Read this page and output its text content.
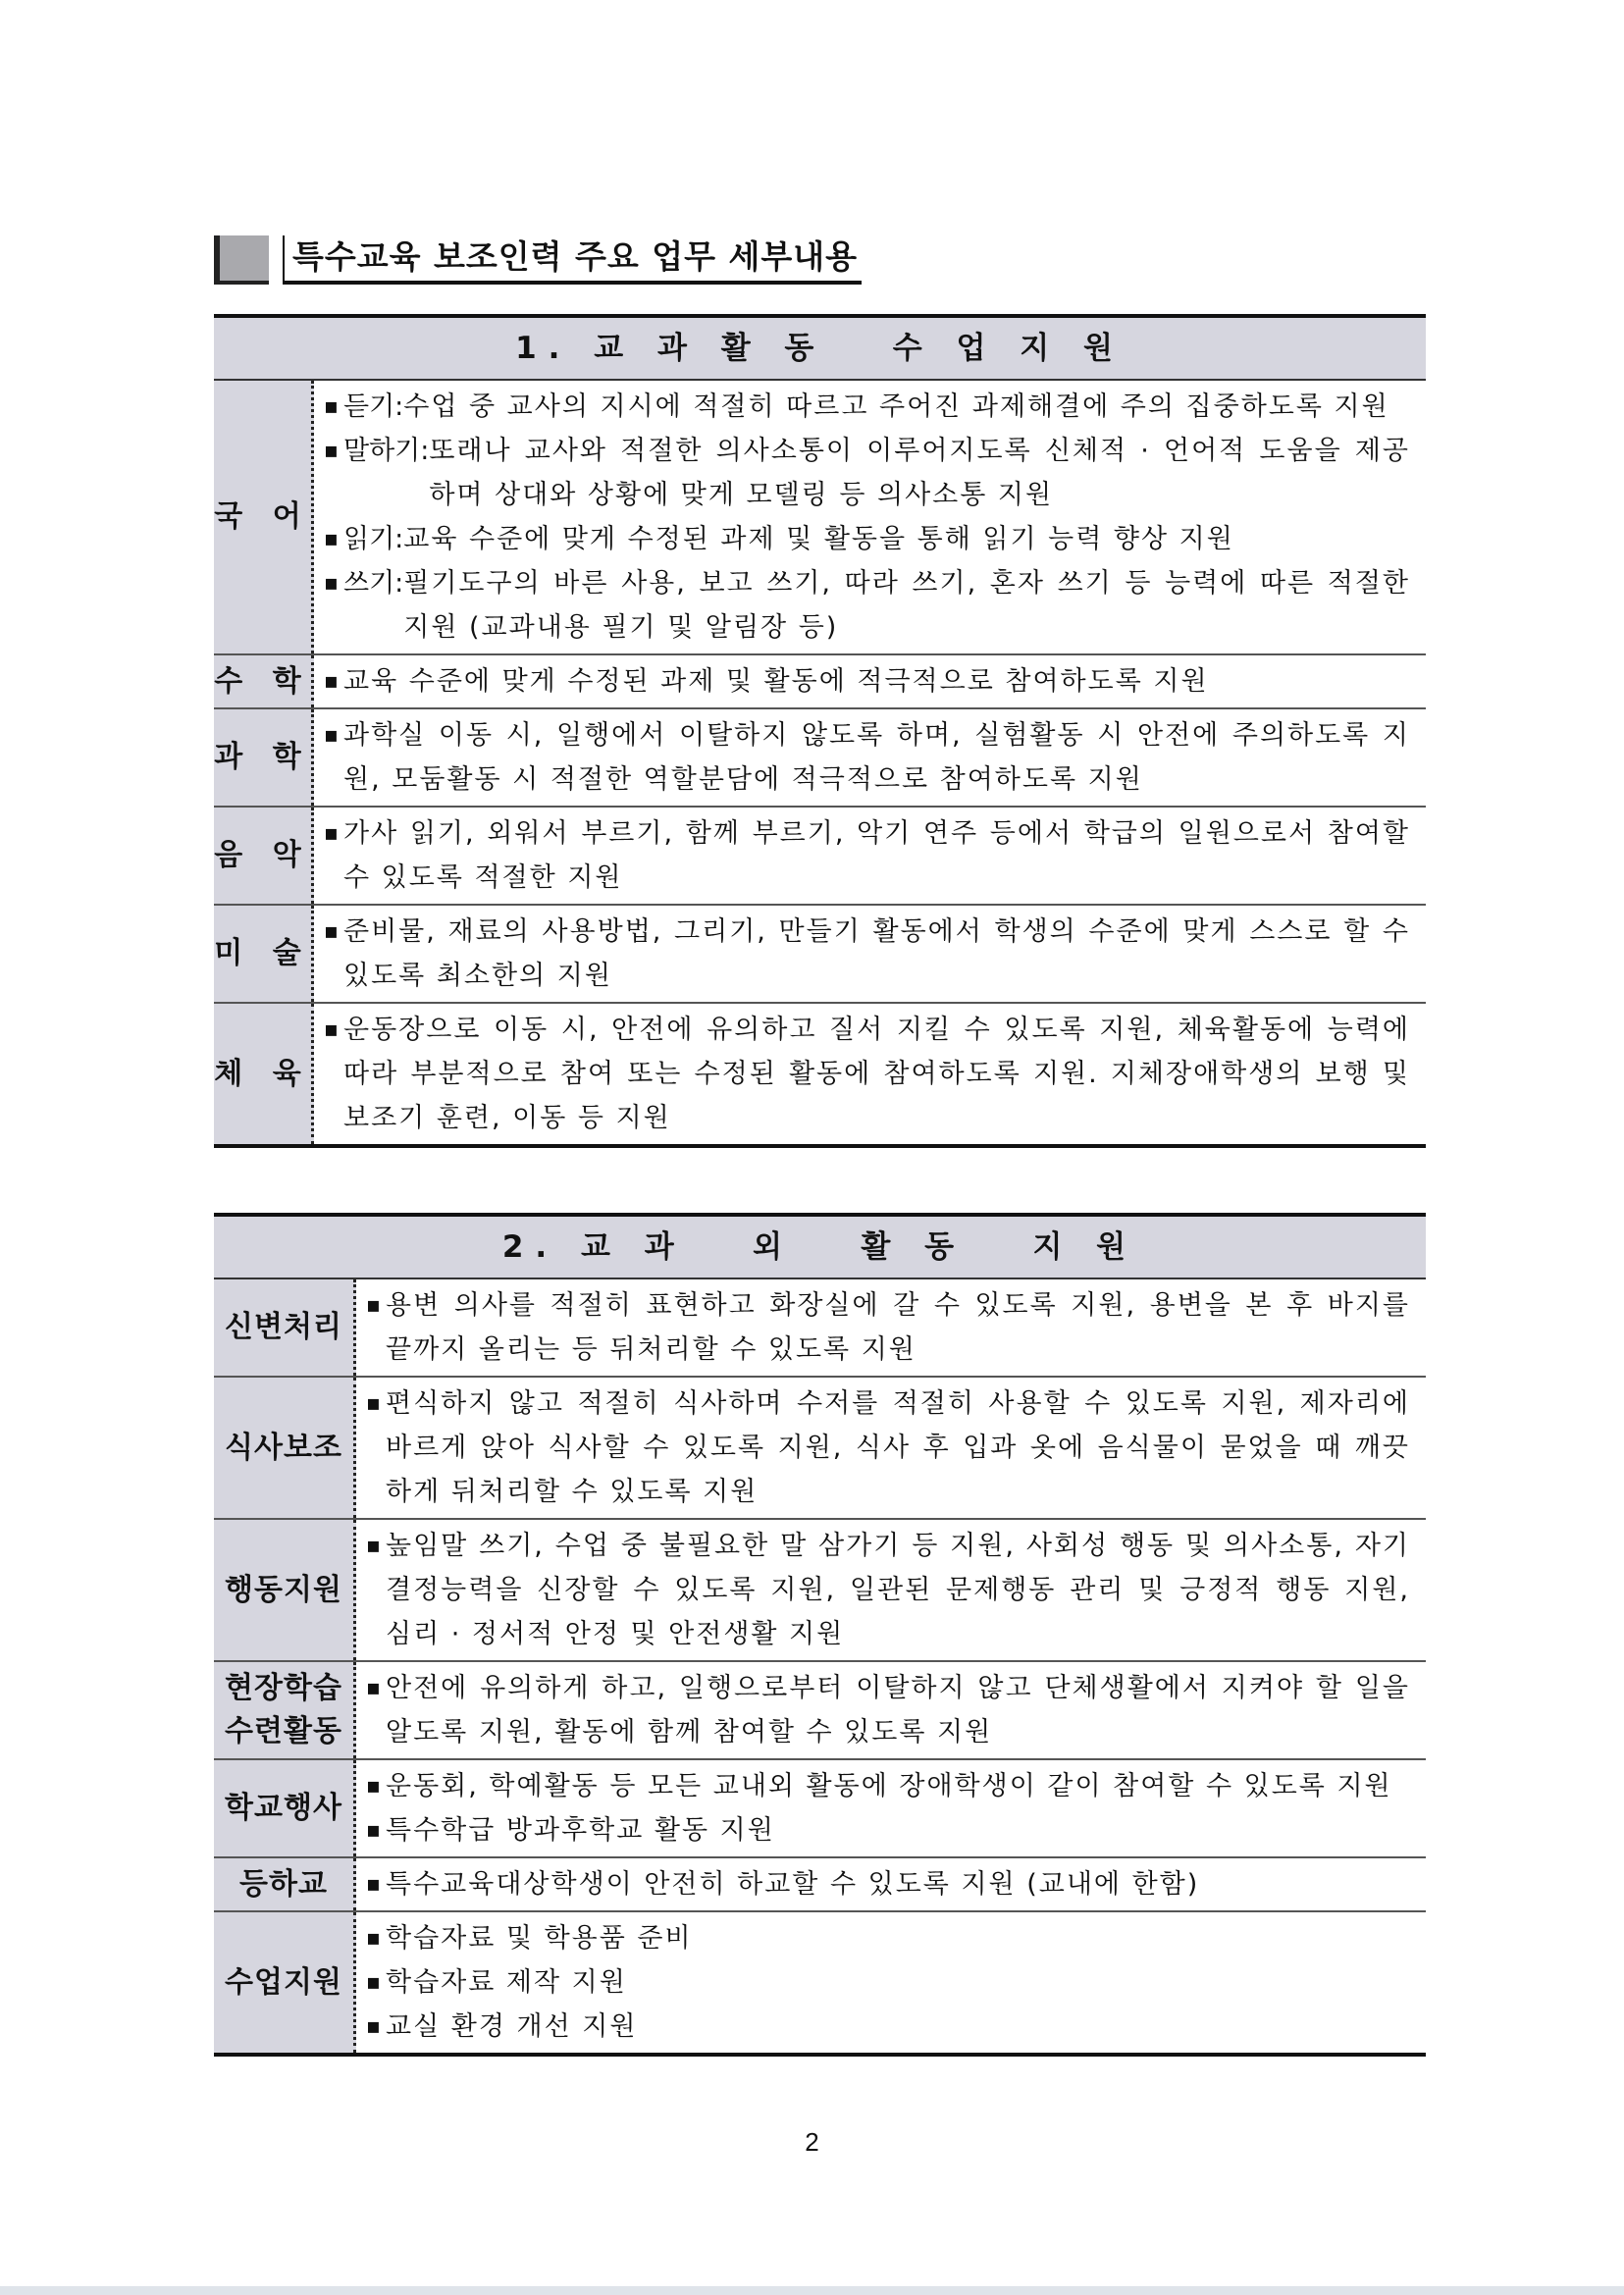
특수교육 보조인력 주요 업무 세부내용
1. 교 과 활 동   수 업 지 원
국 어
▪ 듣기: 수업 중 교사의 지시에 적절히 따르고 주어진 과제해결에 주의 집중하도록 지원
▪ 말하기: 또래나 교사와 적절한 의사소통이 이루어지도록 신체적 · 언어적 도움을 제공하며 상대와 상황에 맞게 모델링 등 의사소통 지원
▪ 읽기: 교육 수준에 맞게 수정된 과제 및 활동을 통해 읽기 능력 향상 지원
▪ 쓰기: 필기도구의 바른 사용, 보고 쓰기, 따라 쓰기, 혼자 쓰기 등 능력에 따른 적절한 지원 (교과내용 필기 및 알림장 등)
수 학 ▪ 교육 수준에 맞게 수정된 과제 및 활동에 적극적으로 참여하도록 지원
과 학
▪ 과학실 이동 시, 일행에서 이탈하지 않도록 하며, 실험활동 시 안전에 주의하도록 지원, 모둠활동 시 적절한 역할분담에 적극적으로 참여하도록 지원
음 악
▪ 가사 읽기, 외워서 부르기, 함께 부르기, 악기 연주 등에서 학급의 일원으로서 참여할 수 있도록 적절한 지원
미 술
▪ 준비물, 재료의 사용방법, 그리기, 만들기 활동에서 학생의 수준에 맞게 스스로 할 수 있도록 최소한의 지원
체 육
▪ 운동장으로 이동 시, 안전에 유의하고 질서 지킬 수 있도록 지원, 체육활동에 능력에 따라 부분적으로 참여 또는 수정된 활동에 참여하도록 지원. 지체장애학생의 보행 및 보조기 훈련, 이동 등 지원
2. 교 과   외   활 동   지 원
신변처리
▪ 용변 의사를 적절히 표현하고 화장실에 갈 수 있도록 지원, 용변을 본 후 바지를 끝까지 올리는 등 뒤처리할 수 있도록 지원
식사보조
▪ 편식하지 않고 적절히 식사하며 수저를 적절히 사용할 수 있도록 지원, 제자리에 바르게 앉아 식사할 수 있도록 지원, 식사 후 입과 옷에 음식물이 묻었을 때 깨끗하게 뒤처리할 수 있도록 지원
행동지원
▪ 높임말 쓰기, 수업 중 불필요한 말 삼가기 등 지원, 사회성 행동 및 의사소통, 자기결정능력을 신장할 수 있도록 지원, 일관된 문제행동 관리 및 긍정적 행동 지원, 심리 · 정서적 안정 및 안전생활 지원
현장학습
수련활동
▪ 안전에 유의하게 하고, 일행으로부터 이탈하지 않고 단체생활에서 지켜야 할 일을 알도록 지원, 활동에 함께 참여할 수 있도록 지원
학교행사
▪ 운동회, 학예활동 등 모든 교내외 활동에 장애학생이 같이 참여할 수 있도록 지원
▪ 특수학급 방과후학교 활동 지원
등하교	▪ 특수교육대상학생이 안전히 하교할 수 있도록 지원 (교내에 한함)
수업지원
▪ 학습자료 및 학용품 준비
▪ 학습자료 제작 지원
▪ 교실 환경 개선 지원
2
